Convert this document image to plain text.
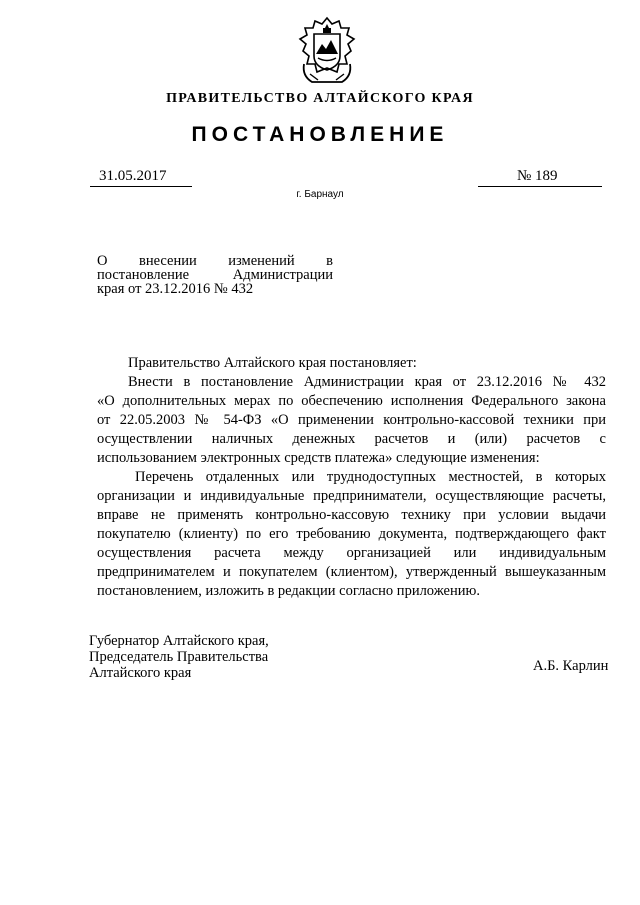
ПРАВИТЕЛЬСТВО АЛТАЙСКОГО КРАЯ
ПОСТАНОВЛЕНИЕ
31.05.2017	№ 189
г. Барнаул
О внесении изменений в
постановление Администрации
края от 23.12.2016 № 432
Правительство Алтайского края постановляет:
Внести в постановление Администрации края от 23.12.2016 № 432
«О дополнительных мерах по обеспечению исполнения Федерального закона
от 22.05.2003 № 54-ФЗ «О применении контрольно-кассовой техники при
осуществлении наличных денежных расчетов и (или) расчетов с
использованием электронных средств платежа» следующие изменения:
Перечень отдаленных или труднодоступных местностей, в которых
организации и индивидуальные предприниматели, осуществляющие расчеты,
вправе не применять контрольно-кассовую технику при условии выдачи
покупателю (клиенту) по его требованию документа, подтверждающего факт
осуществления расчета между организацией или индивидуальным
предпринимателем и покупателем (клиентом), утвержденный вышеуказанным
постановлением, изложить в редакции согласно приложению.
Губернатор Алтайского края,
Председатель Правительства
Алтайского края	А.Б. Карлин
